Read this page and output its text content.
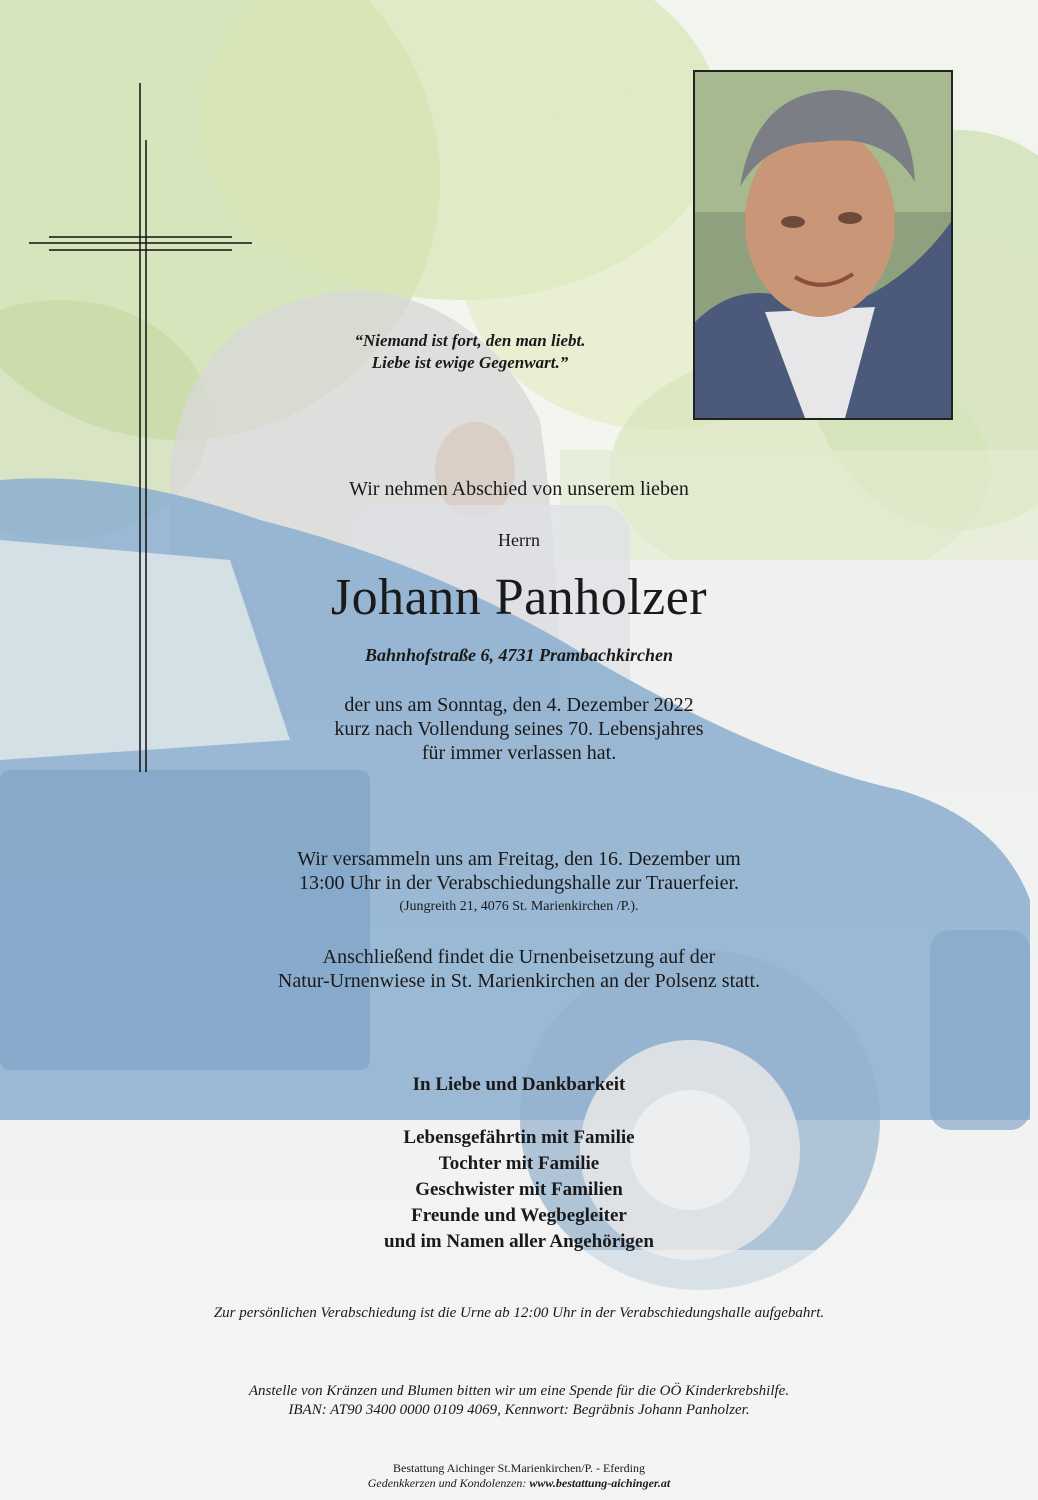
“Niemand ist fort, den man liebt.
Liebe ist ewige Gegenwart.”
Wir nehmen Abschied von unserem lieben
Herrn
Johann Panholzer
Bahnhofstraße 6, 4731 Prambachkirchen
der uns am Sonntag, den 4. Dezember 2022
kurz nach Vollendung seines 70. Lebensjahres
für immer verlassen hat.
Wir versammeln uns am Freitag, den 16. Dezember um
13:00 Uhr in der Verabschiedungshalle zur Trauerfeier.
(Jungreith 21, 4076 St. Marienkirchen /P.).
Anschließend findet die Urnenbeisetzung auf der
Natur-Urnenwiese in St. Marienkirchen an der Polsenz statt.
In Liebe und Dankbarkeit
Lebensgefährtin mit Familie
Tochter mit Familie
Geschwister mit Familien
Freunde und Wegbegleiter
und im Namen aller Angehörigen
Zur persönlichen Verabschiedung ist die Urne ab 12:00 Uhr in der Verabschiedungshalle aufgebahrt.
Anstelle von Kränzen und Blumen bitten wir um eine Spende für die OÖ Kinderkrebshilfe.
IBAN: AT90 3400 0000 0109 4069, Kennwort: Begräbnis Johann Panholzer.
Bestattung Aichinger St.Marienkirchen/P. - Eferding
Gedenkkerzen und Kondolenzen: www.bestattung-aichinger.at
